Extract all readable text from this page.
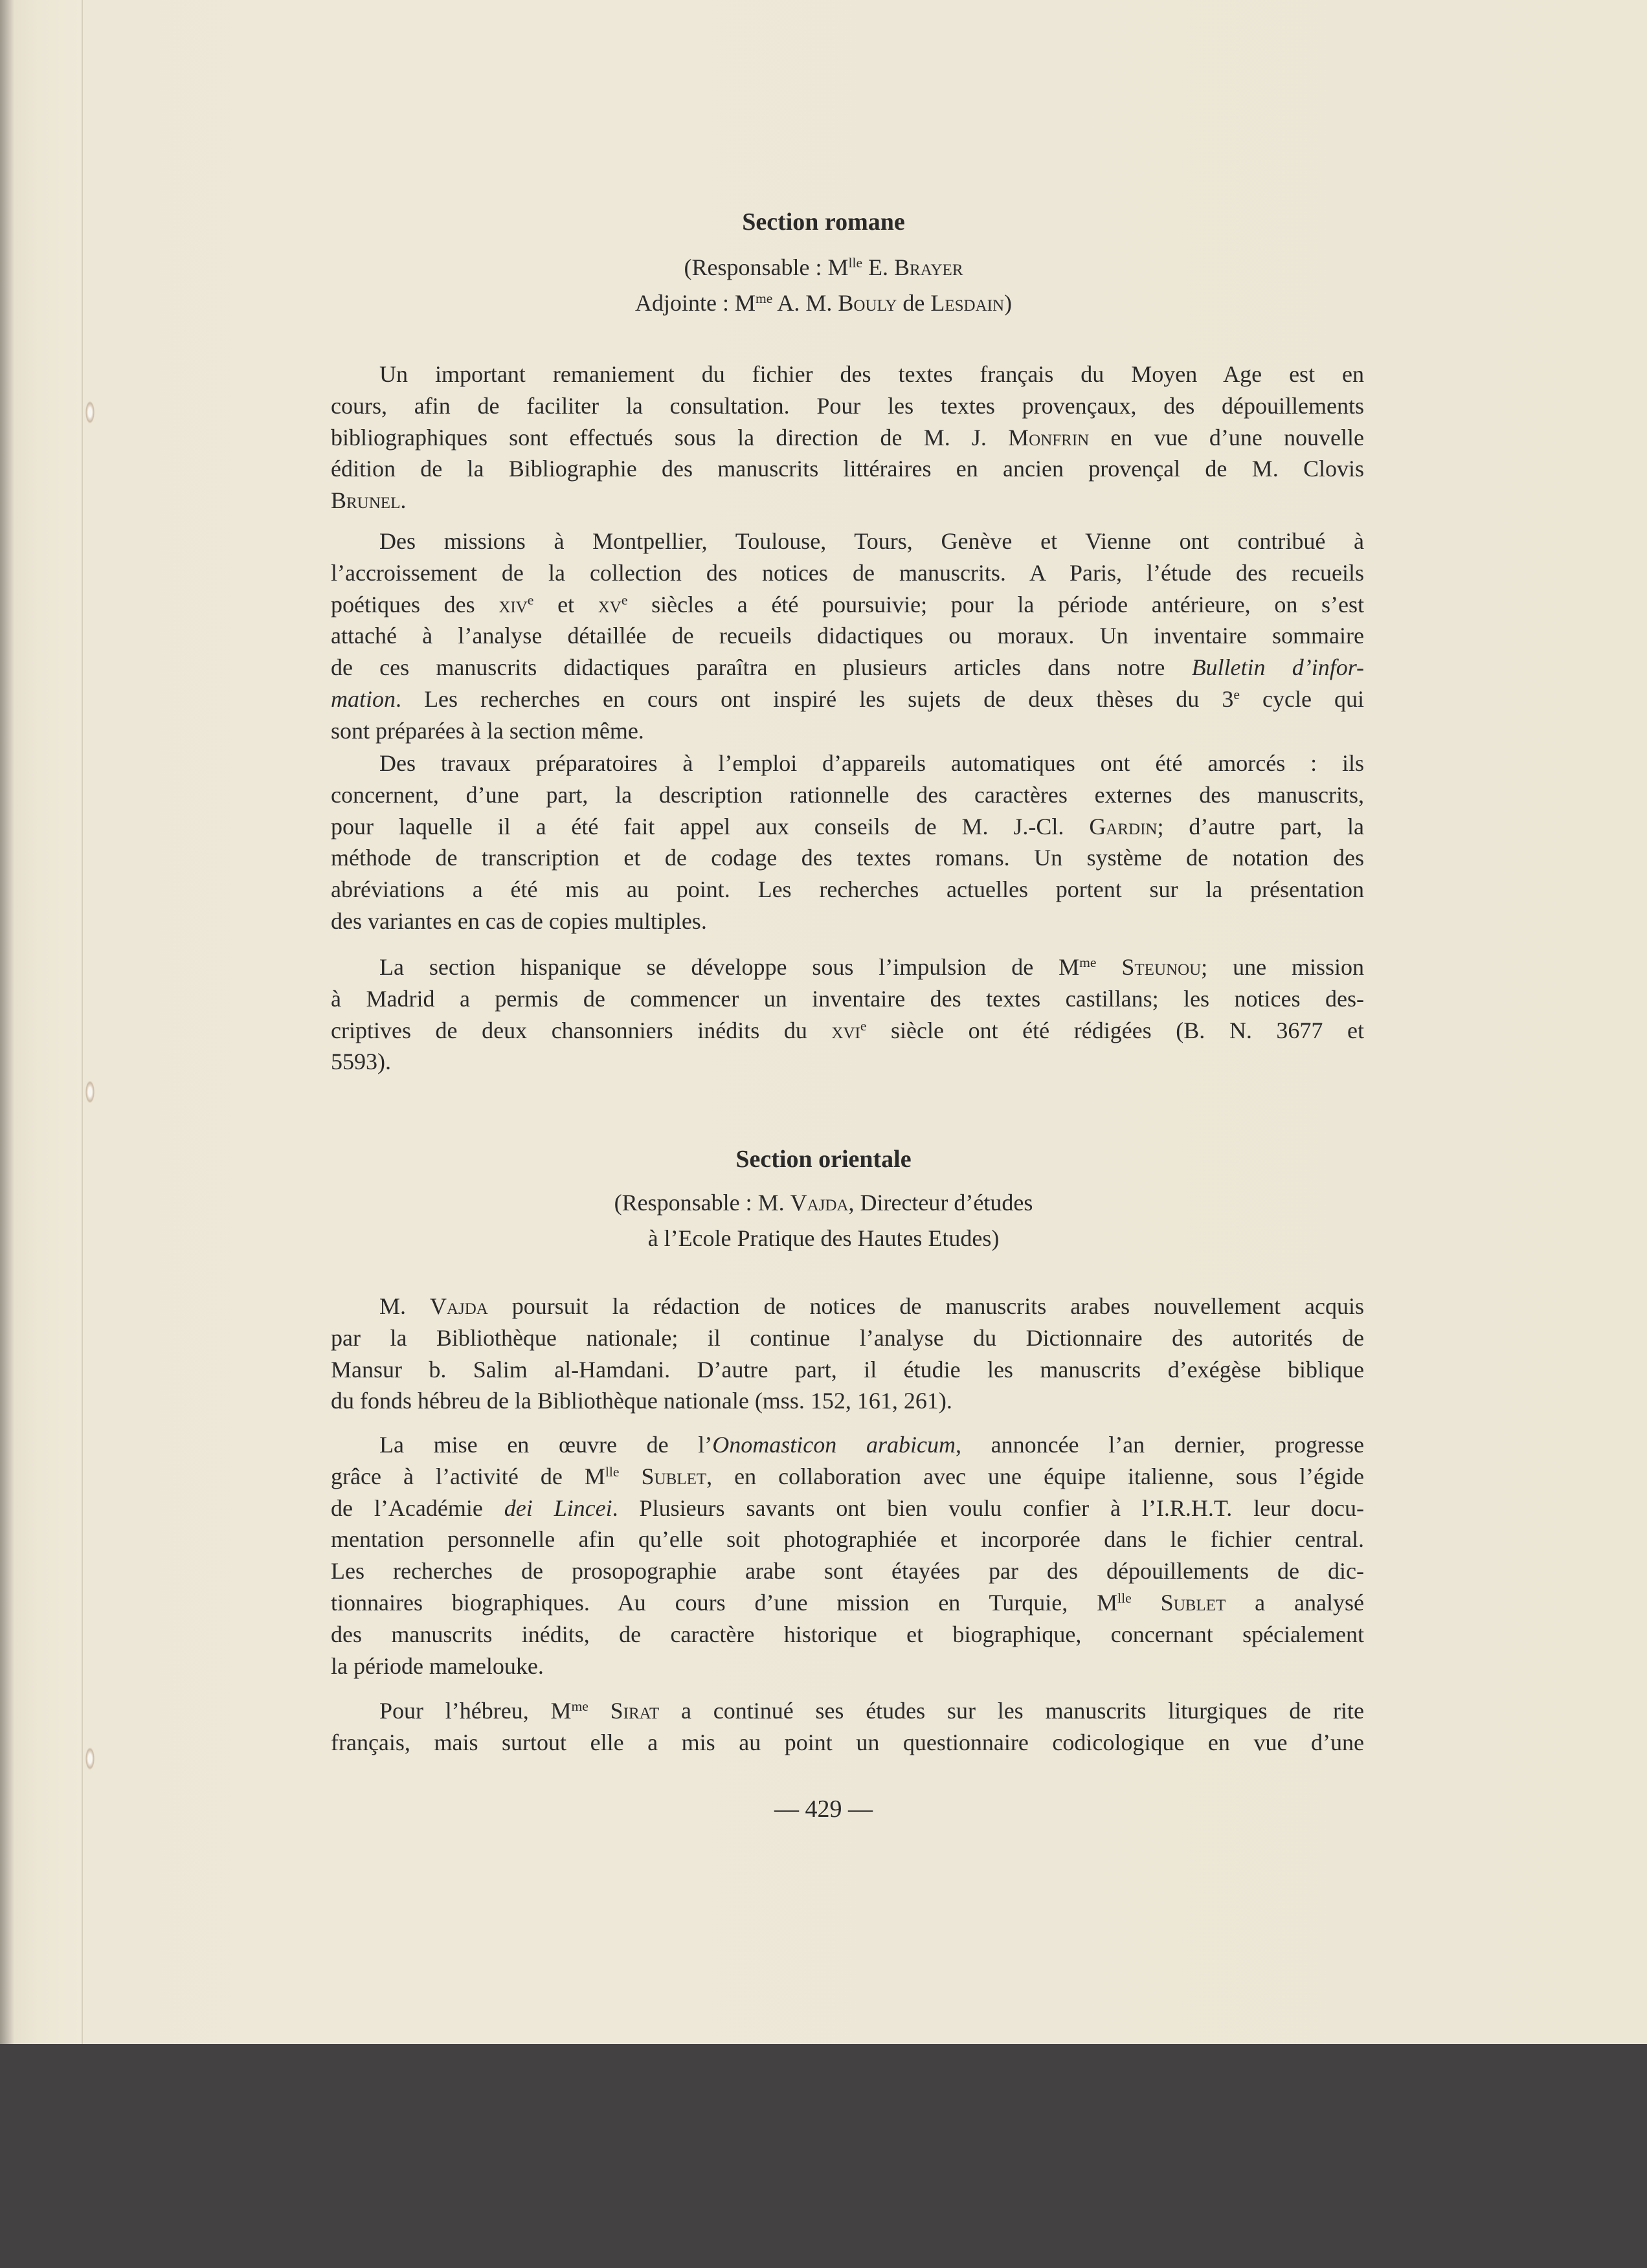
Section romane
(Responsable : $M^{lle}$ E. Brayer
Adjointe : $M^{me}$ A. M. Bouly de Lesdain)
Un important remaniement du fichier des textes français du Moyen Age est en
cours, afin de faciliter la consultation. Pour les textes provençaux, des dépouillements
bibliographiques sont effectués sous la direction de M. J. Monfrin en vue d’une nouvelle
édition de la Bibliographie des manuscrits littéraires en ancien provençal de M. Clovis
Brunel.
Des missions à Montpellier, Toulouse, Tours, Genève et Vienne ont contribué à
l’accroissement de la collection des notices de manuscrits. A Paris, l’étude des recueils
poétiques des xiv$^e$ et $xv^e$ siècles a été poursuivie; pour la période antérieure, on s’est
attaché à l’analyse détaillée de recueils didactiques ou moraux. Un inventaire sommaire
de ces manuscrits didactiques paraîtra en plusieurs articles dans notre Bulletin d’infor-
mation. Les recherches en cours ont inspiré les sujets de deux thèses du 3e cycle qui
sont préparées à la section même.
Des travaux préparatoires à l’emploi d’appareils automatiques ont été amorcés : ils
concernent, d’une part, la description rationnelle des caractères externes des manuscrits,
pour laquelle il a été fait appel aux conseils de M. J.-Cl. Gardin; d’autre part, la
méthode de transcription et de codage des textes romans. Un système de notation des
abréviations a été mis au point. Les recherches actuelles portent sur la présentation
des variantes en cas de copies multiples.
La section hispanique se développe sous l’impulsion de $M^{me}$ Steunou; une mission
à Madrid a permis de commencer un inventaire des textes castillans; les notices des-
criptives de deux chansonniers inédits du xvi$^e$ siècle ont été rédigées (B. N. 3677 et
5593).
Section orientale
(Responsable : M. Vajda, Directeur d’études
à l’Ecole Pratique des Hautes Etudes)
M. Vajda poursuit la rédaction de notices de manuscrits arabes nouvellement acquis
par la Bibliothèque nationale; il continue l’analyse du Dictionnaire des autorités de
Mansur b. Salim al-Hamdani. D’autre part, il étudie les manuscrits d’exégèse biblique
du fonds hébreu de la Bibliothèque nationale (mss. 152, 161, 261).
La mise en œuvre de l’Onomasticon arabicum, annoncée l’an dernier, progresse
grâce à l’activité de $M^{lle}$ Sublet, en collaboration avec une équipe italienne, sous l’égide
de l’Académie dei Lincei. Plusieurs savants ont bien voulu confier à l’I.R.H.T. leur docu-
mentation personnelle afin qu’elle soit photographiée et incorporée dans le fichier central.
Les recherches de prosopographie arabe sont étayées par des dépouillements de dic-
tionnaires biographiques. Au cours d’une mission en Turquie, $M^{lle}$ Sublet a analysé
des manuscrits inédits, de caractère historique et biographique, concernant spécialement
la période mamelouke.
Pour l’hébreu, $M^{me}$ Sirat a continué ses études sur les manuscrits liturgiques de rite
français, mais surtout elle a mis au point un questionnaire codicologique en vue d’une
— 429 —
